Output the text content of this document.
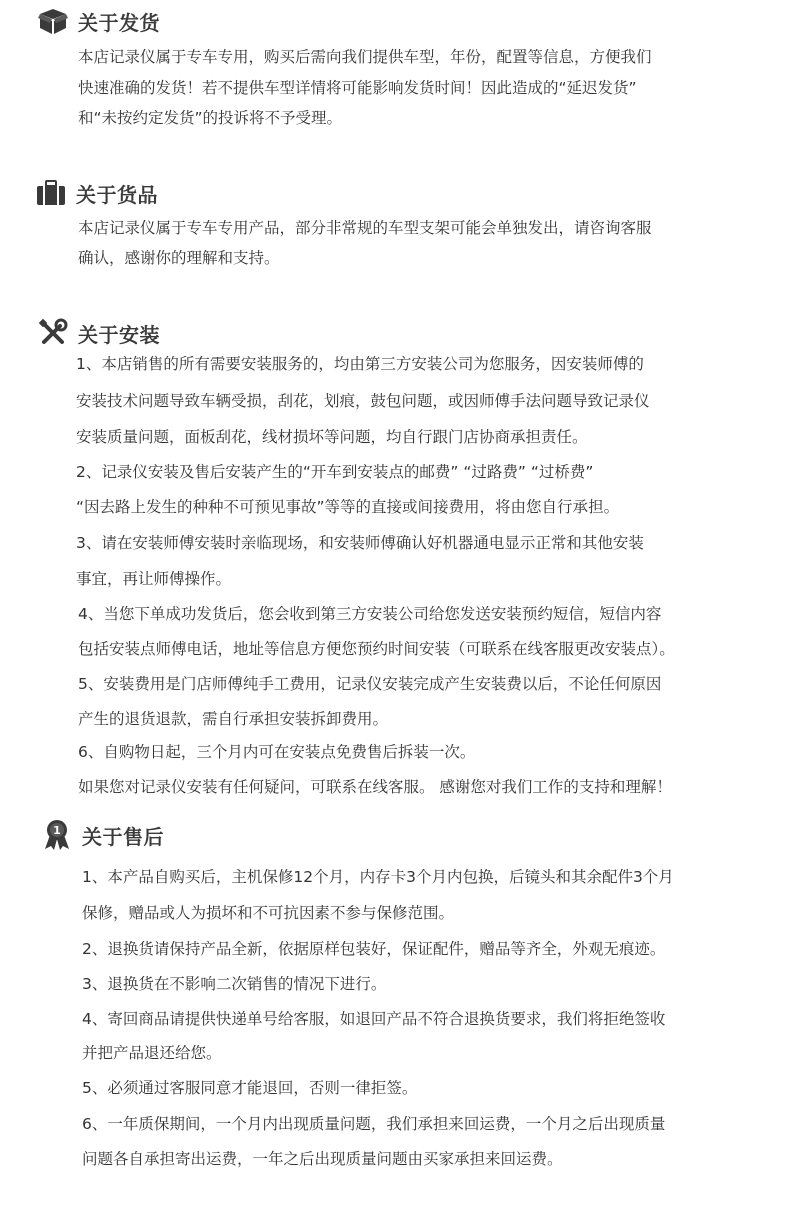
关于发货
本店记录仪属于专车专用，购买后需向我们提供车型，年份，配置等信息，方便我们
快速准确的发货！若不提供车型详情将可能影响发货时间！因此造成的“延迟发货”
和“未按约定发货”的投诉将不予受理。
关于货品
本店记录仪属于专车专用产品，部分非常规的车型支架可能会单独发出，请咨询客服
确认，感谢你的理解和支持。
关于安装
1、本店销售的所有需要安装服务的，均由第三方安装公司为您服务，因安装师傅的
安装技术问题导致车辆受损，刮花，划痕，鼓包问题，或因师傅手法问题导致记录仪
安装质量问题，面板刮花，线材损坏等问题，均自行跟门店协商承担责任。
2、记录仪安装及售后安装产生的“开车到安装点的邮费” “过路费” “过桥费”
“因去路上发生的种种不可预见事故”等等的直接或间接费用，将由您自行承担。
3、请在安装师傅安装时亲临现场，和安装师傅确认好机器通电显示正常和其他安装
事宜，再让师傅操作。
4、当您下单成功发货后，您会收到第三方安装公司给您发送安装预约短信，短信内容
包括安装点师傅电话，地址等信息方便您预约时间安装（可联系在线客服更改安装点）。
5、安装费用是门店师傅纯手工费用，记录仪安装完成产生安装费以后，不论任何原因
产生的退货退款，需自行承担安装拆卸费用。
6、自购物日起，三个月内可在安装点免费售后拆装一次。
如果您对记录仪安装有任何疑问，可联系在线客服。 感谢您对我们工作的支持和理解！
1 关于售后
1、本产品自购买后，主机保修12个月，内存卡3个月内包换，后镜头和其余配件3个月
保修，赠品或人为损坏和不可抗因素不参与保修范围。
2、退换货请保持产品全新，依据原样包装好，保证配件，赠品等齐全，外观无痕迹。
3、退换货在不影响二次销售的情况下进行。
4、寄回商品请提供快递单号给客服，如退回产品不符合退换货要求，我们将拒绝签收
并把产品退还给您。
5、必须通过客服同意才能退回，否则一律拒签。
6、一年质保期间，一个月内出现质量问题，我们承担来回运费，一个月之后出现质量
问题各自承担寄出运费，一年之后出现质量问题由买家承担来回运费。
